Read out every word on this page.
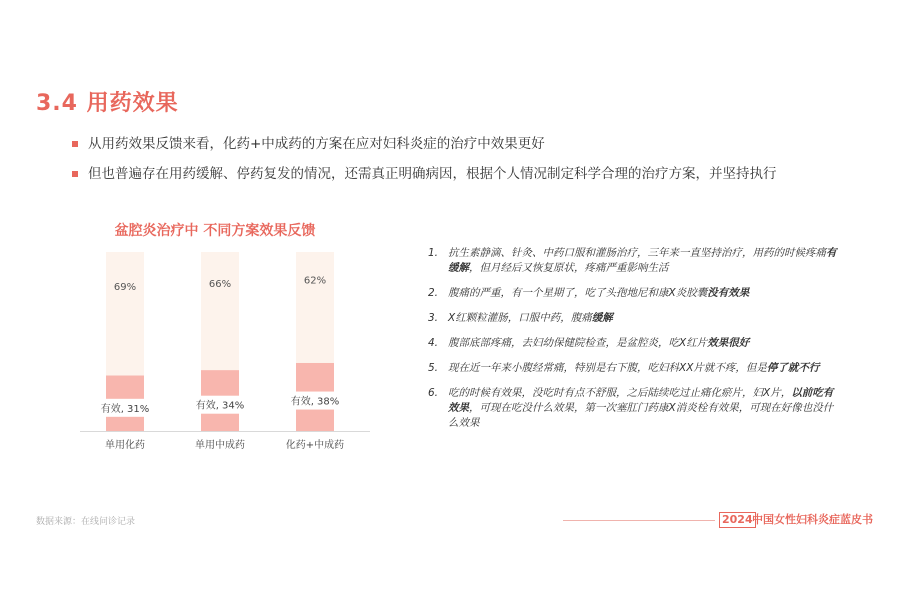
3.4 用药效果
从用药效果反馈来看，化药+中成药的方案在应对妇科炎症的治疗中效果更好
但也普遍存在用药缓解、停药复发的情况，还需真正明确病因，根据个人情况制定科学合理的治疗方案，并坚持执行
盆腔炎治疗中 不同方案效果反馈
69%
有效, 31%
单用化药
66%
有效, 34%
单用中成药
62%
有效, 38%
化药+中成药
1. 抗生素静滴、针灸、中药口服和灌肠治疗，三年来一直坚持治疗，用药的时候疼痛有缓解，但月经后又恢复原状，疼痛严重影响生活
2. 腹痛的严重，有一个星期了，吃了头孢地尼和康X炎胶囊没有效果
3. X红颗粒灌肠，口服中药，腹痛缓解
4. 腹部底部疼痛，去妇幼保健院检查，是盆腔炎，吃X红片效果很好
5. 现在近一年来小腹经常痛，特别是右下腹，吃妇科XX片就不疼，但是停了就不行
6. 吃的时候有效果，没吃时有点不舒服，之后陆续吃过止痛化瘀片，妇X片，以前吃有效果，可现在吃没什么效果，第一次塞肛门药康X消炎栓有效果，可现在好像也没什么效果
数据来源：在线问诊记录	2024 中国女性妇科炎症蓝皮书
